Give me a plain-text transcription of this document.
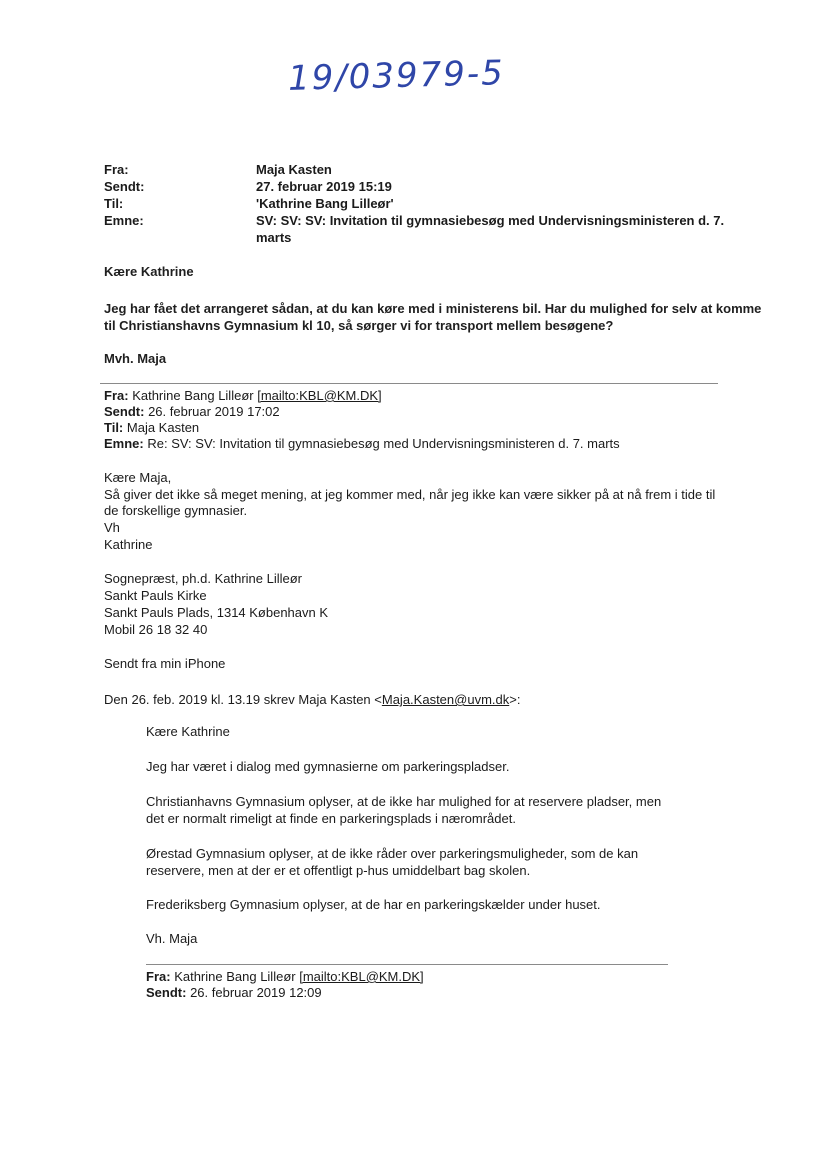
19/03979-5
Fra:	Maja Kasten
Sendt:	27. februar 2019 15:19
Til:	'Kathrine Bang Lilleør'
Emne:	SV: SV: SV: Invitation til gymnasiebesøg med Undervisningsministeren d. 7.
marts
Kære Kathrine
Jeg har fået det arrangeret sådan, at du kan køre med i ministerens bil. Har du mulighed for selv at komme
til Christianshavns Gymnasium kl 10, så sørger vi for transport mellem besøgene?
Mvh. Maja
Fra: Kathrine Bang Lilleør [mailto:KBL@KM.DK]
Sendt: 26. februar 2019 17:02
Til: Maja Kasten
Emne: Re: SV: SV: Invitation til gymnasiebesøg med Undervisningsministeren d. 7. marts
Kære Maja,
Så giver det ikke så meget mening, at jeg kommer med, når jeg ikke kan være sikker på at nå frem i tide til
de forskellige gymnasier.
Vh
Kathrine
Sognepræst, ph.d. Kathrine Lilleør
Sankt Pauls Kirke
Sankt Pauls Plads, 1314 København K
Mobil 26 18 32 40
Sendt fra min iPhone
Den 26. feb. 2019 kl. 13.19 skrev Maja Kasten <Maja.Kasten@uvm.dk>:
Kære Kathrine
Jeg har været i dialog med gymnasierne om parkeringspladser.
Christianhavns Gymnasium oplyser, at de ikke har mulighed for at reservere pladser, men
det er normalt rimeligt at finde en parkeringsplads i nærområdet.
Ørestad Gymnasium oplyser, at de ikke råder over parkeringsmuligheder, som de kan
reservere, men at der er et offentligt p-hus umiddelbart bag skolen.
Frederiksberg Gymnasium oplyser, at de har en parkeringskælder under huset.
Vh. Maja
Fra: Kathrine Bang Lilleør [mailto:KBL@KM.DK]
Sendt: 26. februar 2019 12:09
